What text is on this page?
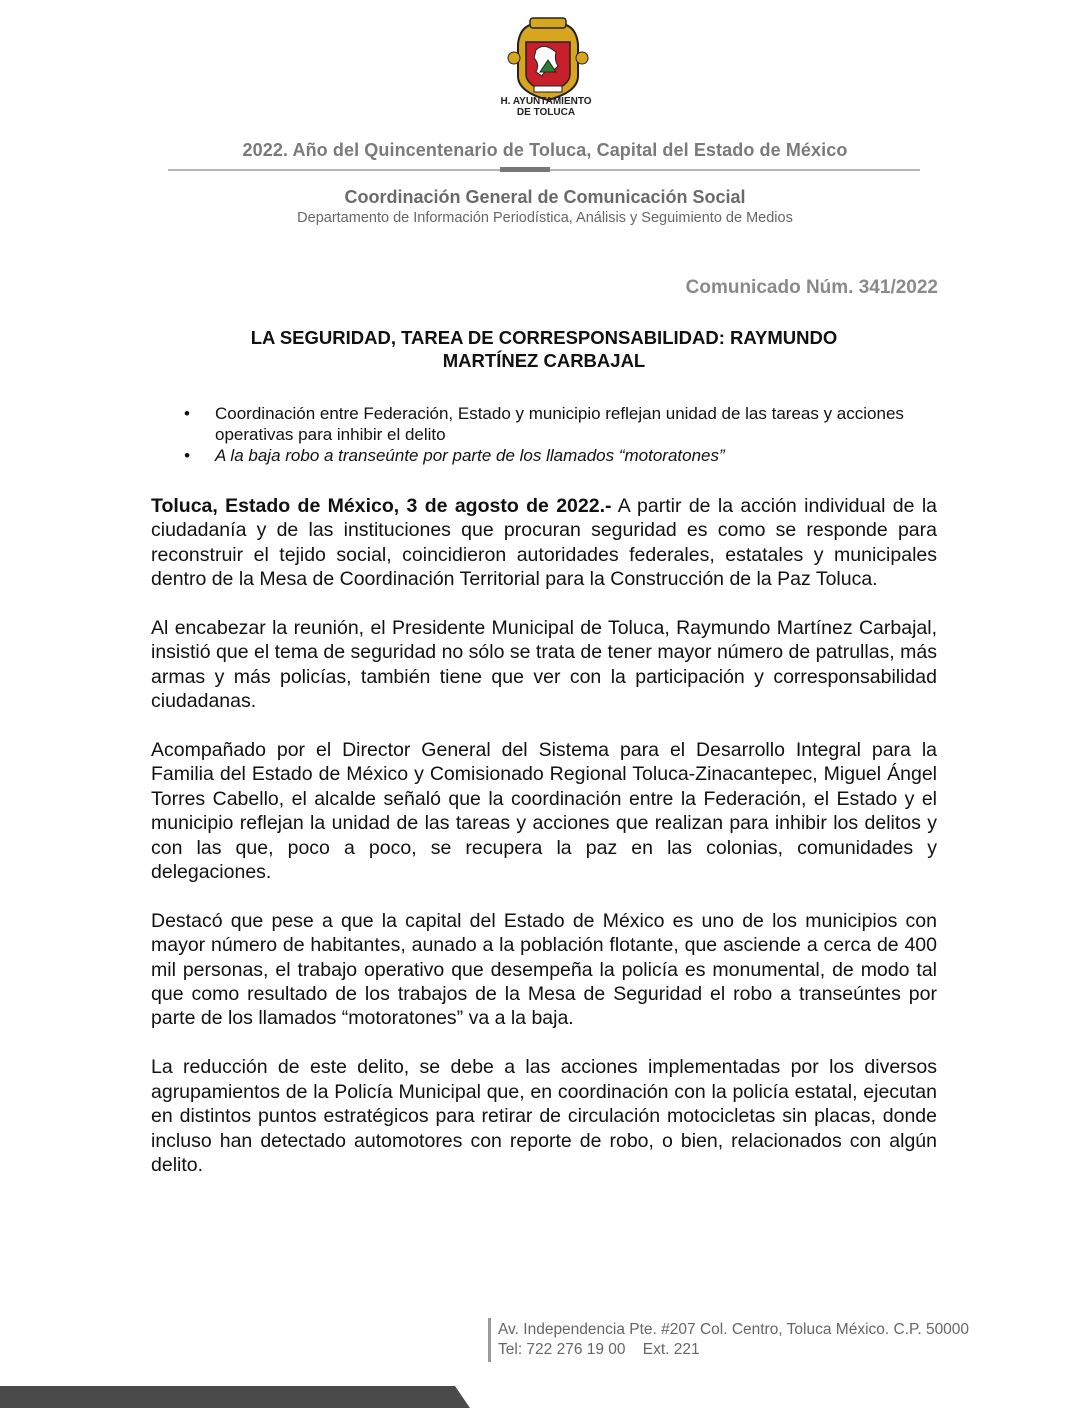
H. AYUNTAMIENTO
DE TOLUCA
2022. Año del Quincentenario de Toluca, Capital del Estado de México
Coordinación General de Comunicación Social
Departamento de Información Periodística, Análisis y Seguimiento de Medios
Comunicado Núm. 341/2022
LA SEGURIDAD, TAREA DE CORRESPONSABILIDAD: RAYMUNDO
MARTÍNEZ CARBAJAL
• Coordinación entre Federación, Estado y municipio reflejan unidad de las tareas y acciones operativas para inhibir el delito
• A la baja robo a transeúnte por parte de los llamados “motoratones”

Toluca, Estado de México, 3 de agosto de 2022.- A partir de la acción individual de la ciudadanía y de las instituciones que procuran seguridad es como se responde para reconstruir el tejido social, coincidieron autoridades federales, estatales y municipales dentro de la Mesa de Coordinación Territorial para la Construcción de la Paz Toluca.

Al encabezar la reunión, el Presidente Municipal de Toluca, Raymundo Martínez Carbajal, insistió que el tema de seguridad no sólo se trata de tener mayor número de patrullas, más armas y más policías, también tiene que ver con la participación y corresponsabilidad ciudadanas.

Acompañado por el Director General del Sistema para el Desarrollo Integral para la Familia del Estado de México y Comisionado Regional Toluca-Zinacantepec, Miguel Ángel Torres Cabello, el alcalde señaló que la coordinación entre la Federación, el Estado y el municipio reflejan la unidad de las tareas y acciones que realizan para inhibir los delitos y con las que, poco a poco, se recupera la paz en las colonias, comunidades y delegaciones.

Destacó que pese a que la capital del Estado de México es uno de los municipios con mayor número de habitantes, aunado a la población flotante, que asciende a cerca de 400 mil personas, el trabajo operativo que desempeña la policía es monumental, de modo tal que como resultado de los trabajos de la Mesa de Seguridad el robo a transeúntes por parte de los llamados “motoratones” va a la baja.

La reducción de este delito, se debe a las acciones implementadas por los diversos agrupamientos de la Policía Municipal que, en coordinación con la policía estatal, ejecutan en distintos puntos estratégicos para retirar de circulación motocicletas sin placas, donde incluso han detectado automotores con reporte de robo, o bien, relacionados con algún delito.

Av. Independencia Pte. #207 Col. Centro, Toluca México. C.P. 50000
Tel: 722 276 19 00    Ext. 221
